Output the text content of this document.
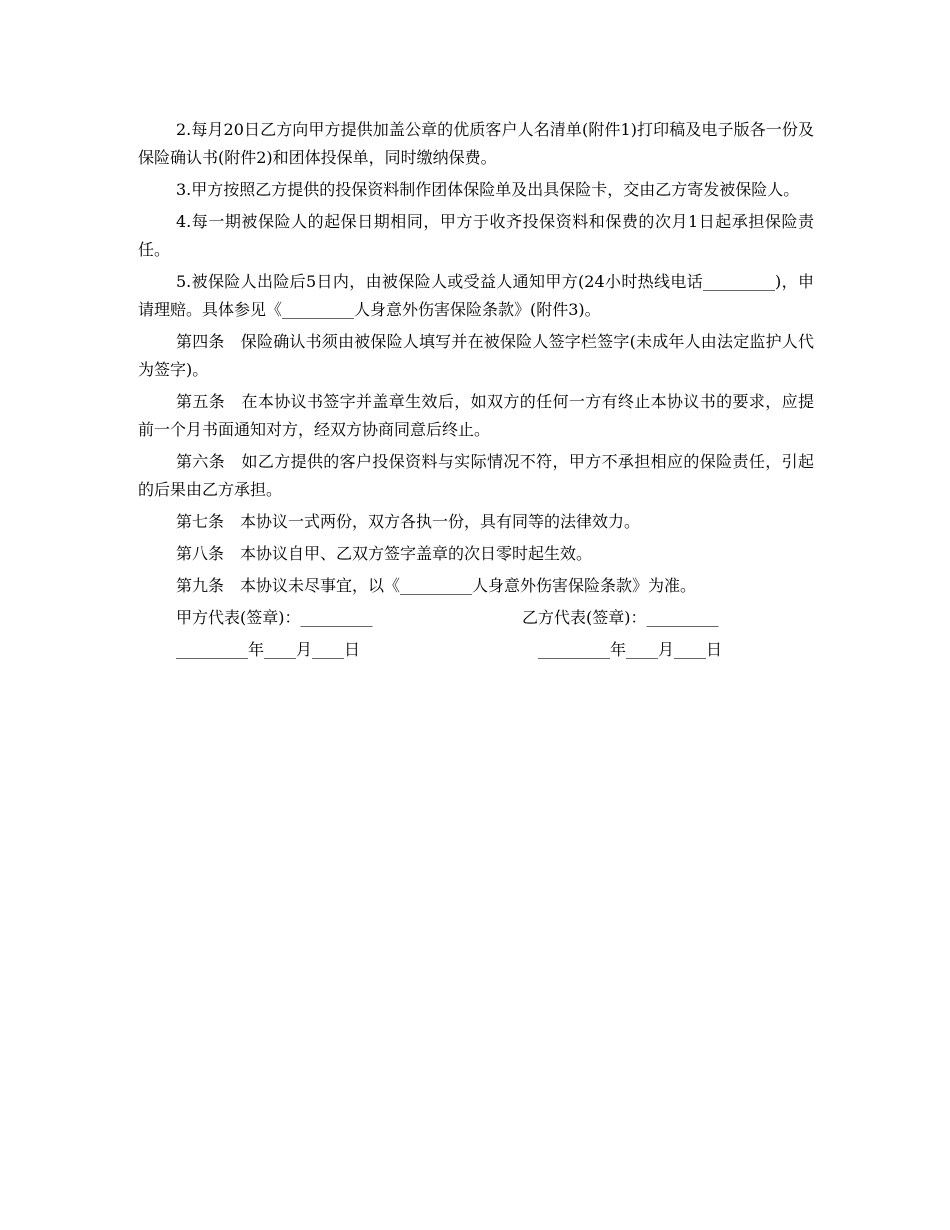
2.每月20日乙方向甲方提供加盖公章的优质客户人名清单(附件1)打印稿及电子版各一份及保险确认书(附件2)和团体投保单，同时缴纳保费。

3.甲方按照乙方提供的投保资料制作团体保险单及出具保险卡，交由乙方寄发被保险人。

4.每一期被保险人的起保日期相同，甲方于收齐投保资料和保费的次月1日起承担保险责任。

5.被保险人出险后5日内，由被保险人或受益人通知甲方(24小时热线电话_________)，申请理赔。具体参见《_________人身意外伤害保险条款》(附件3)。

第四条　保险确认书须由被保险人填写并在被保险人签字栏签字(未成年人由法定监护人代为签字)。

第五条　在本协议书签字并盖章生效后，如双方的任何一方有终止本协议书的要求，应提前一个月书面通知对方，经双方协商同意后终止。

第六条　如乙方提供的客户投保资料与实际情况不符，甲方不承担相应的保险责任，引起的后果由乙方承担。

第七条　本协议一式两份，双方各执一份，具有同等的法律效力。

第八条　本协议自甲、乙双方签字盖章的次日零时起生效。

第九条　本协议未尽事宜，以《_________人身意外伤害保险条款》为准。

甲方代表(签章)：_________

	乙方代表(签章)：_________

_________年____月____日

	_________年____月____日
